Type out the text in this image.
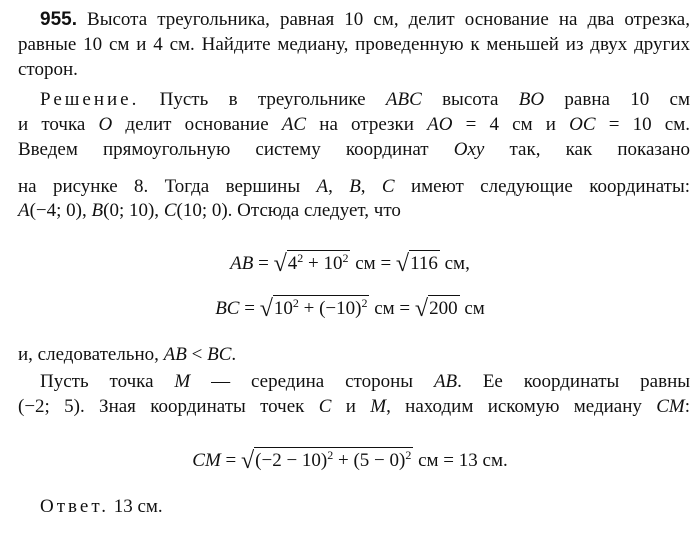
AB = $√4^2 + 10^2$ см = √116 см,
BC = $√10^2 + (-10)^2$ см = √200 см
CM = $√(-2 - 10)^2 + (5 - 0)^2$ см = 13 см.
955. Высота треугольника, равная 10 см, делит основание на два отрезка,
равные 10 см и 4 см. Найдите медиану, проведенную к меньшей из двух других
сторон.
Решение. Пусть в треугольнике ABC высота BO равна 10 см
и точка O делит основание AC на отрезки AO = 4 см и OC = 10 см.
Введем прямоугольную систему координат Oxy так, как показано
на рисунке 8. Тогда вершины A, B, C имеют следующие координаты:
A(−4; 0), B(0; 10), C(10; 0). Отсюда следует, что
и, следовательно, AB < BC.
Пусть точка M — середина стороны AB. Ее координаты равны
(−2; 5). Зная координаты точек C и M, находим искомую медиану CM:
Ответ. 13 см.
